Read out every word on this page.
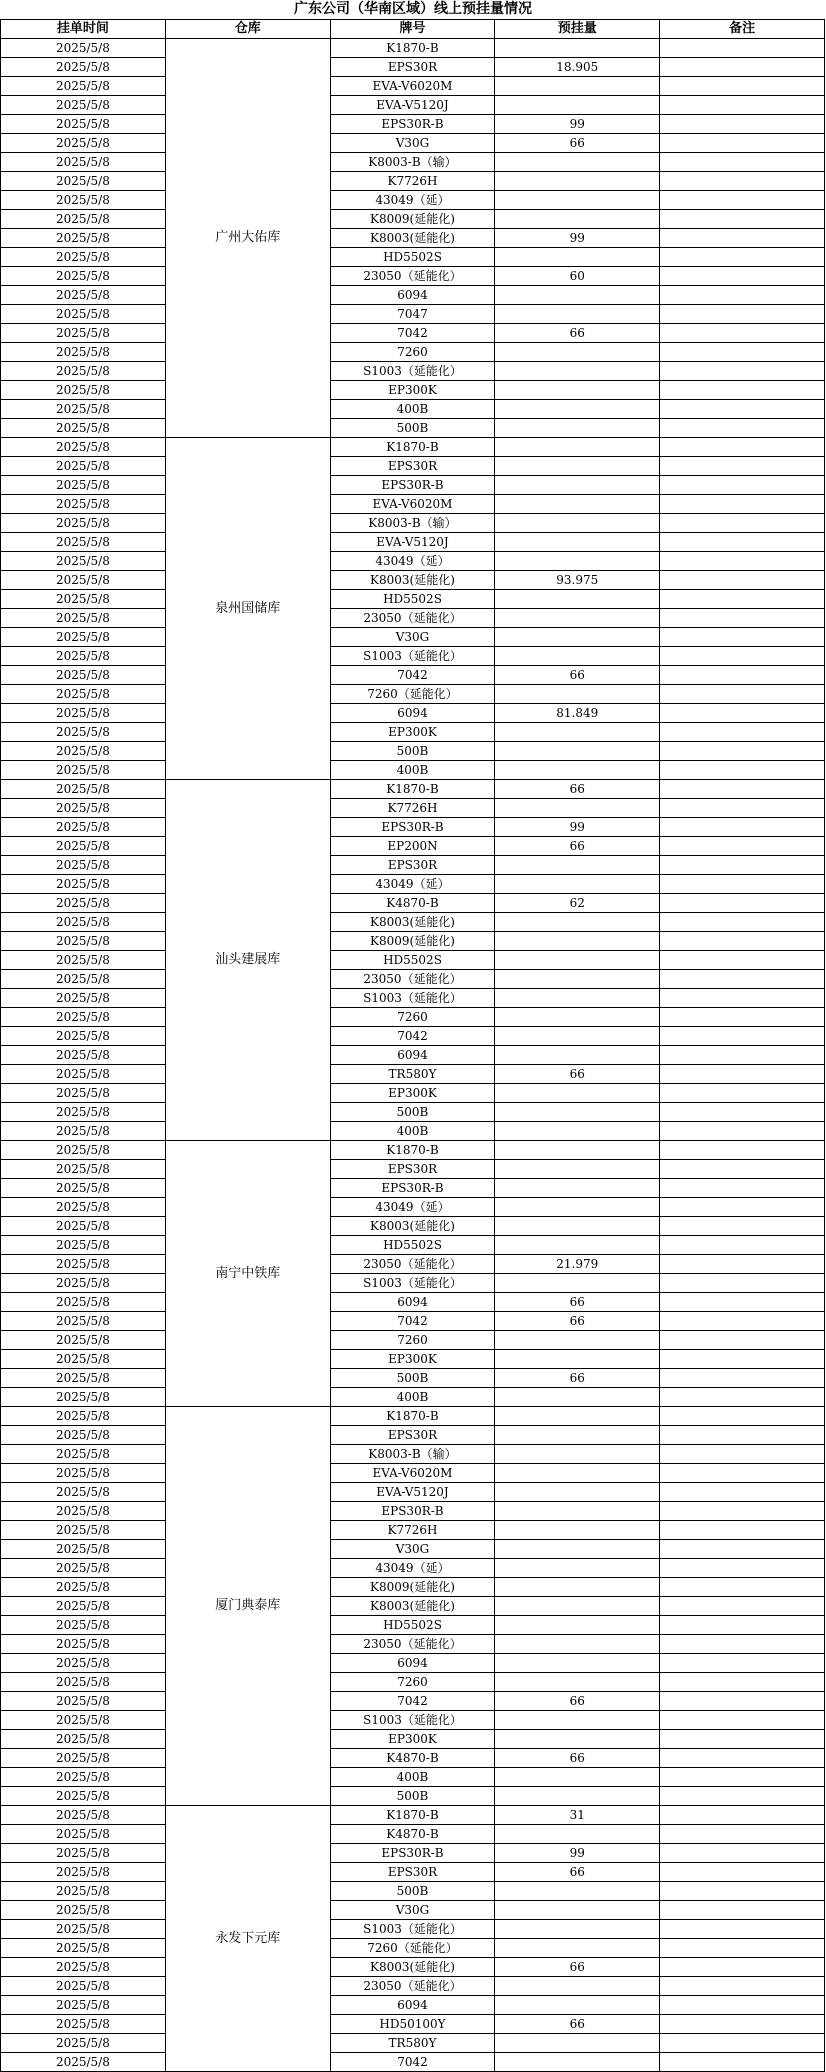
广东公司（华南区域）线上预挂量情况
挂单时间	仓库	牌号	预挂量	备注
2025/5/8	广州大佑库	K1870-B		
2025/5/8		EPS30R	18.905	
2025/5/8		EVA-V6020M		
2025/5/8		EVA-V5120J		
2025/5/8		EPS30R-B	99	
2025/5/8		V30G	66	
2025/5/8		K8003-B（输）		
2025/5/8		K7726H		
2025/5/8		43049（延）		
2025/5/8		K8009(延能化)		
2025/5/8		K8003(延能化)	99	
2025/5/8		HD5502S		
2025/5/8		23050（延能化）	60	
2025/5/8		6094		
2025/5/8		7047		
2025/5/8		7042	66	
2025/5/8		7260		
2025/5/8		S1003（延能化）		
2025/5/8		EP300K		
2025/5/8		400B		
2025/5/8		500B		
2025/5/8	泉州国储库	K1870-B		
2025/5/8		EPS30R		
2025/5/8		EPS30R-B		
2025/5/8		EVA-V6020M		
2025/5/8		K8003-B（输）		
2025/5/8		EVA-V5120J		
2025/5/8		43049（延）		
2025/5/8		K8003(延能化)	93.975	
2025/5/8		HD5502S		
2025/5/8		23050（延能化）		
2025/5/8		V30G		
2025/5/8		S1003（延能化）		
2025/5/8		7042	66	
2025/5/8		7260（延能化）		
2025/5/8		6094	81.849	
2025/5/8		EP300K		
2025/5/8		500B		
2025/5/8		400B		
2025/5/8	汕头建展库	K1870-B	66	
2025/5/8		K7726H		
2025/5/8		EPS30R-B	99	
2025/5/8		EP200N	66	
2025/5/8		EPS30R		
2025/5/8		43049（延）		
2025/5/8		K4870-B	62	
2025/5/8		K8003(延能化)		
2025/5/8		K8009(延能化)		
2025/5/8		HD5502S		
2025/5/8		23050（延能化）		
2025/5/8		S1003（延能化）		
2025/5/8		7260		
2025/5/8		7042		
2025/5/8		6094		
2025/5/8		TR580Y	66	
2025/5/8		EP300K		
2025/5/8		500B		
2025/5/8		400B		
2025/5/8	南宁中铁库	K1870-B		
2025/5/8		EPS30R		
2025/5/8		EPS30R-B		
2025/5/8		43049（延）		
2025/5/8		K8003(延能化)		
2025/5/8		HD5502S		
2025/5/8		23050（延能化）	21.979	
2025/5/8		S1003（延能化）		
2025/5/8		6094	66	
2025/5/8		7042	66	
2025/5/8		7260		
2025/5/8		EP300K		
2025/5/8		500B	66	
2025/5/8		400B		
2025/5/8	厦门典泰库	K1870-B		
2025/5/8		EPS30R		
2025/5/8		K8003-B（输）		
2025/5/8		EVA-V6020M		
2025/5/8		EVA-V5120J		
2025/5/8		EPS30R-B		
2025/5/8		K7726H		
2025/5/8		V30G		
2025/5/8		43049（延）		
2025/5/8		K8009(延能化)		
2025/5/8		K8003(延能化)		
2025/5/8		HD5502S		
2025/5/8		23050（延能化）		
2025/5/8		6094		
2025/5/8		7260		
2025/5/8		7042	66	
2025/5/8		S1003（延能化）		
2025/5/8		EP300K		
2025/5/8		K4870-B	66	
2025/5/8		400B		
2025/5/8		500B		
2025/5/8	永发下元库	K1870-B	31	
2025/5/8		K4870-B		
2025/5/8		EPS30R-B	99	
2025/5/8		EPS30R	66	
2025/5/8		500B		
2025/5/8		V30G		
2025/5/8		S1003（延能化）		
2025/5/8		7260（延能化）		
2025/5/8		K8003(延能化)	66	
2025/5/8		23050（延能化）		
2025/5/8		6094		
2025/5/8		HD50100Y	66	
2025/5/8		TR580Y		
2025/5/8		7042		
